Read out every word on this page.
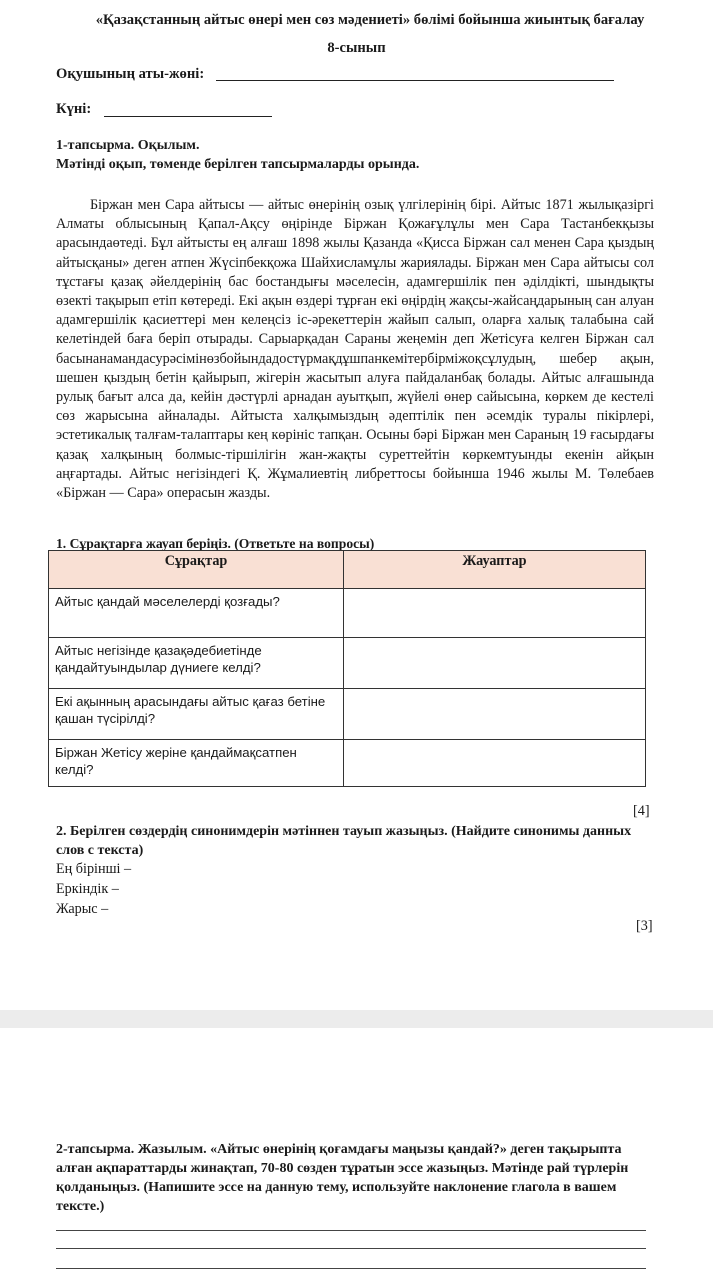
«Қазақстанның айтыс өнері мен сөз мәдениеті» бөлімі бойынша жиынтық бағалау
8-сынып
Оқушының аты-жөні:
Күні:
1-тапсырма. Оқылым.
Мәтінді оқып, төменде берілген тапсырмаларды орында.
Біржан мен Сара айтысы — айтыс өнерінің озық үлгілерінің бірі. Айтыс 1871 жылықазіргі Алматы облысының Қапал-Ақсу өңірінде Біржан Қожағұлұлы мен Сара Тастанбекқызы арасындаөтеді. Бұл айтысты ең алғаш 1898 жылы Қазанда «Қисса Біржан сал менен Сара қыздың айтысқаны» деген атпен Жүсіпбекқожа Шайхисламұлы жариялады. Біржан мен Сара айтысы сол тұстағы қазақ әйелдерінің бас бостандығы мәселесін, адамгершілік пен әділдікті, шындықты өзекті тақырып етіп көтереді. Екі ақын өздері тұрған екі өңірдің жақсы-жайсаңдарының сан алуан адамгершілік қасиеттері мен келеңсіз іс-әрекеттерін жайып салып, оларға халық талабына сай келетіндей баға беріп отырады. Сарыарқадан Сараны жеңемін деп Жетісуға келген Біржан сал басынанамандасурәсімінөзбойындадостүрмақдұшпанкемітербірміжоқсұлудың, шебер ақын, шешен қыздың бетін қайырып, жігерін жасытып алуға пайдаланбақ болады. Айтыс алғашында рулық бағыт алса да, кейін дәстүрлі арнадан ауытқып, жүйелі өнер сайысына, көркем де кестелі сөз жарысына айналады. Айтыста халқымыздың әдептілік пен әсемдік туралы пікірлері, эстетикалық талғам-талаптары кең көрініс тапқан. Осыны бәрі Біржан мен Сараның 19 ғасырдағы қазақ халқының болмыс-тіршілігін жан-жақты суреттейтін көркемтуынды екенін айқын аңғартады. Айтыс негізіндегі Қ. Жұмалиевтің либреттосы бойынша 1946 жылы М. Төлебаев «Біржан — Сара» операсын жазды.
1. Сұрақтарға жауап беріңіз. (Ответьте на вопросы)
Сұрақтар	Жауаптар
Айтыс қандай мәселелерді қозғады?	
Айтыс негізінде қазақәдебиетінде қандайтуындылар дүниеге келді?	
Екі ақынның арасындағы айтыс қағаз бетіне қашан түсірілді?	
Біржан Жетісу жеріне қандаймақсатпен келді?	
[4]
2. Берілген сөздердің синонимдерін мәтіннен тауып жазыңыз. (Найдите синонимы данных слов с текста)
Ең бірінші –
Еркіндік –
Жарыс –
[3]
2-тапсырма. Жазылым. «Айтыс өнерінің қоғамдағы маңызы қандай?» деген тақырыпта алған ақпараттарды жинақтап, 70-80 сөзден тұратын эссе жазыңыз. Мәтінде рай түрлерін қолданыңыз. (Напишите эссе на данную тему, используйте наклонение глагола в вашем тексте.)
